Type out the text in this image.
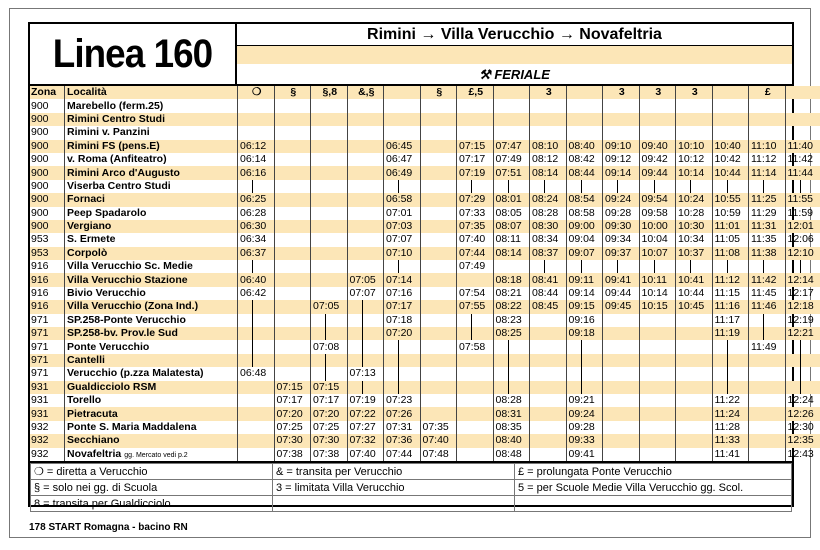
Linea 160	Rimini → Villa Verucchio → Novafeltria
⚒ FERIALE
Zona	Località	❍	§	§,8	&,§		§	£,5		3		3	3	3		£	
900	Marebello (ferm.25)																
900	Rimini Centro Studi																
900	Rimini v. Panzini																
900	Rimini FS (pens.E)	06:12				06:45		07:15	07:47	08:10	08:40	09:10	09:40	10:10	10:40	11:10	11:40
900	v. Roma (Anfiteatro)	06:14				06:47		07:17	07:49	08:12	08:42	09:12	09:42	10:12	10:42	11:12	11:42
900	Rimini Arco d'Augusto	06:16				06:49		07:19	07:51	08:14	08:44	09:14	09:44	10:14	10:44	11:14	11:44
900	Viserba Centro Studi	

900	Fornaci	06:25				06:58		07:29	08:01	08:24	08:54	09:24	09:54	10:24	10:55	11:25	11:55
900	Peep Spadarolo	06:28				07:01		07:33	08:05	08:28	08:58	09:28	09:58	10:28	10:59	11:29	11:59
900	Vergiano	06:30				07:03		07:35	08:07	08:30	09:00	09:30	10:00	10:30	11:01	11:31	12:01
953	S. Ermete	06:34				07:07		07:40	08:11	08:34	09:04	09:34	10:04	10:34	11:05	11:35	12:06
953	Corpolò	06:37				07:10		07:44	08:14	08:37	09:07	09:37	10:07	10:37	11:08	11:38	12:10
916	Villa Verucchio Sc. Medie							07:49		

916	Villa Verucchio Stazione	06:40			07:05	07:14			08:18	08:41	09:11	09:41	10:11	10:41	11:12	11:42	12:14
916	Bivio Verucchio	06:42			07:07	07:16		07:54	08:21	08:44	09:14	09:44	10:14	10:44	11:15	11:45	12:17
916	Villa Verucchio (Zona Ind.)			07:05		07:17		07:55	08:22	08:45	09:15	09:45	10:15	10:45	11:16	11:46	12:18
971	SP.258-Ponte Verucchio					07:18			08:23		09:16				11:17		12:19
971	SP.258-bv. Prov.le Sud					07:20			08:25		09:18				11:19		12:21
971	Ponte Verucchio			07:08				07:58								11:49	

971	Cantelli	

971	Verucchio (p.zza Malatesta)	06:48			07:13	

931	Gualdicciolo RSM		07:15	07:15	

931	Torello		07:17	07:17	07:19	07:23			08:28		09:21				11:22		12:24
931	Pietracuta		07:20	07:20	07:22	07:26			08:31		09:24				11:24		12:26
932	Ponte S. Maria Maddalena		07:25	07:25	07:27	07:31	07:35		08:35		09:28				11:28		12:30
932	Secchiano		07:30	07:30	07:32	07:36	07:40		08:40		09:33				11:33		12:35
932	Novafeltria gg. Mercato vedi p.2		07:38	07:38	07:40	07:44	07:48		08:48		09:41				11:41		12:43
❍ = diretta a Verucchio	& = transita per Verucchio	£ = prolungata Ponte Verucchio
§ = solo nei gg. di Scuola	3 = limitata Villa Verucchio	5 = per Scuole Medie Villa Verucchio gg. Scol.
8 = transita per Gualdicciolo		
178 START Romagna - bacino RN
